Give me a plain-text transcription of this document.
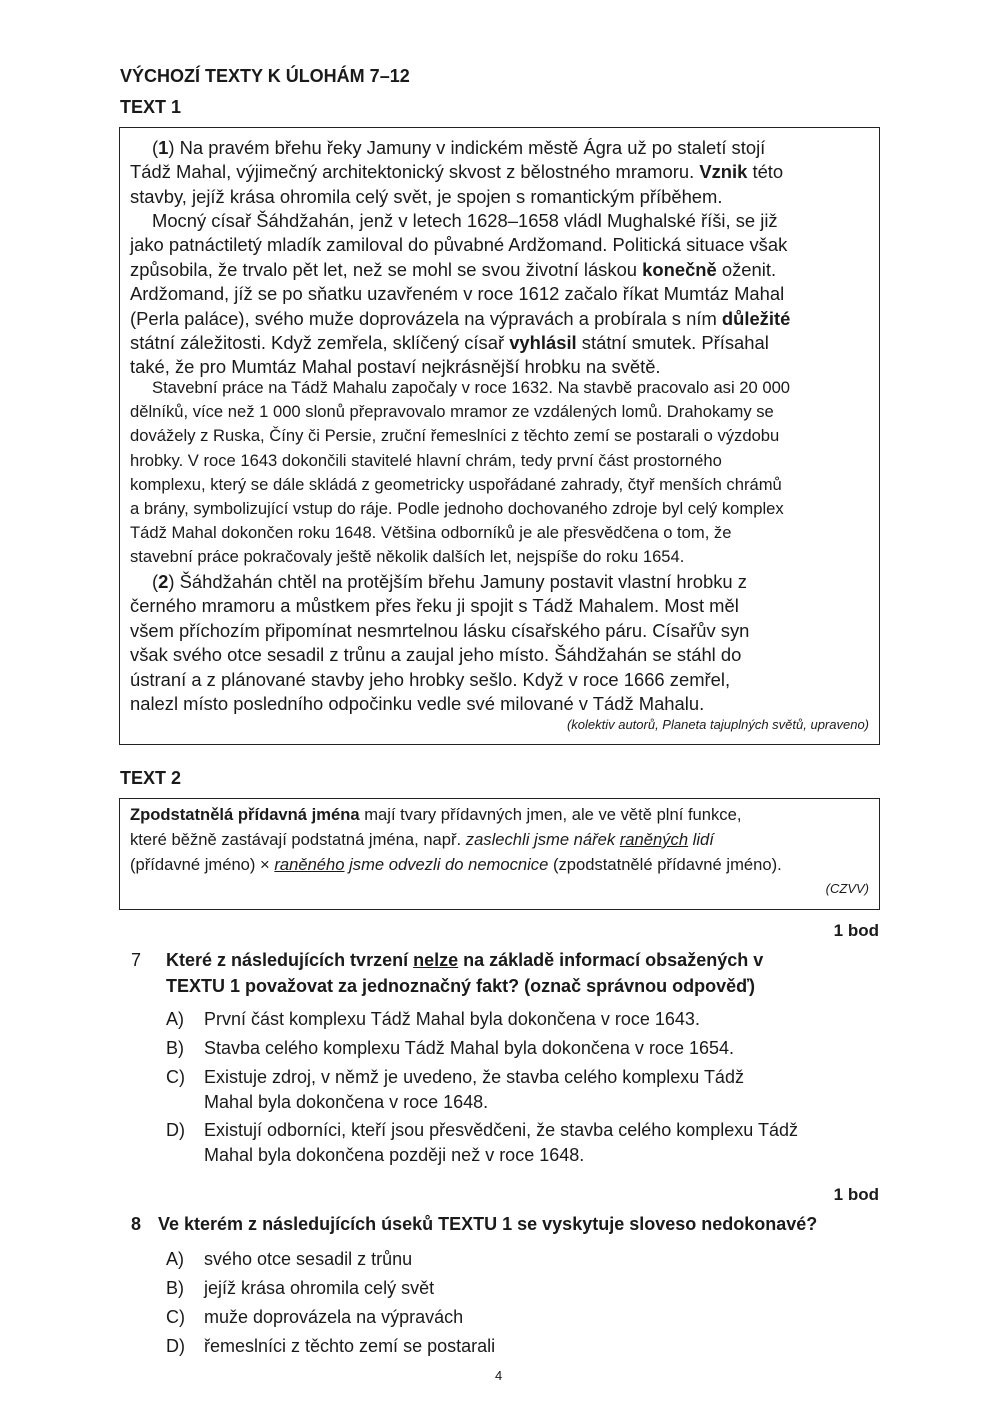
VÝCHOZÍ TEXTY K ÚLOHÁM 7–12
TEXT 1
(1) Na pravém břehu řeky Jamuny v indickém městě Ágra už po staletí stojí
Tádž Mahal, výjimečný architektonický skvost z bělostného mramoru. Vznik této
stavby, jejíž krása ohromila celý svět, je spojen s romantickým příběhem.
Mocný císař Šáhdžahán, jenž v letech 1628–1658 vládl Mughalské říši, se již
jako patnáctiletý mladík zamiloval do půvabné Ardžomand. Politická situace však
způsobila, že trvalo pět let, než se mohl se svou životní láskou konečně oženit.
Ardžomand, jíž se po sňatku uzavřeném v roce 1612 začalo říkat Mumtáz Mahal
(Perla paláce), svého muže doprovázela na výpravách a probírala s ním důležité
státní záležitosti. Když zemřela, sklíčený císař vyhlásil státní smutek. Přísahal
také, že pro Mumtáz Mahal postaví nejkrásnější hrobku na světě.
Stavební práce na Tádž Mahalu započaly v roce 1632. Na stavbě pracovalo asi 20 000
dělníků, více než 1 000 slonů přepravovalo mramor ze vzdálených lomů. Drahokamy se
dovážely z Ruska, Číny či Persie, zruční řemeslníci z těchto zemí se postarali o výzdobu
hrobky. V roce 1643 dokončili stavitelé hlavní chrám, tedy první část prostorného
komplexu, který se dále skládá z geometricky uspořádané zahrady, čtyř menších chrámů
a brány, symbolizující vstup do ráje. Podle jednoho dochovaného zdroje byl celý komplex
Tádž Mahal dokončen roku 1648. Většina odborníků je ale přesvědčena o tom, že
stavební práce pokračovaly ještě několik dalších let, nejspíše do roku 1654.
(2) Šáhdžahán chtěl na protějším břehu Jamuny postavit vlastní hrobku z
černého mramoru a můstkem přes řeku ji spojit s Tádž Mahalem. Most měl
všem příchozím připomínat nesmrtelnou lásku císařského páru. Císařův syn
však svého otce sesadil z trůnu a zaujal jeho místo. Šáhdžahán se stáhl do
ústraní a z plánované stavby jeho hrobky sešlo. Když v roce 1666 zemřel,
nalezl místo posledního odpočinku vedle své milované v Tádž Mahalu.
(kolektiv autorů, Planeta tajuplných světů, upraveno)
TEXT 2
Zpodstatnělá přídavná jména mají tvary přídavných jmen, ale ve větě plní funkce,
které běžně zastávají podstatná jména, např. zaslechli jsme nářek raněných lidí
(přídavné jméno) × raněného jsme odvezli do nemocnice (zpodstatnělé přídavné jméno).
(CZVV)
1 bod
7 Které z následujících tvrzení nelze na základě informací obsažených v
TEXTU 1 považovat za jednoznačný fakt? (označ správnou odpověď)
A) První část komplexu Tádž Mahal byla dokončena v roce 1643.
B) Stavba celého komplexu Tádž Mahal byla dokončena v roce 1654.
C) Existuje zdroj, v němž je uvedeno, že stavba celého komplexu Tádž
Mahal byla dokončena v roce 1648.
D) Existují odborníci, kteří jsou přesvědčeni, že stavba celého komplexu Tádž
Mahal byla dokončena později než v roce 1648.
1 bod
8 Ve kterém z následujících úseků TEXTU 1 se vyskytuje sloveso nedokonavé?
A) svého otce sesadil z trůnu
B) jejíž krása ohromila celý svět
C) muže doprovázela na výpravách
D) řemeslníci z těchto zemí se postarali
4
